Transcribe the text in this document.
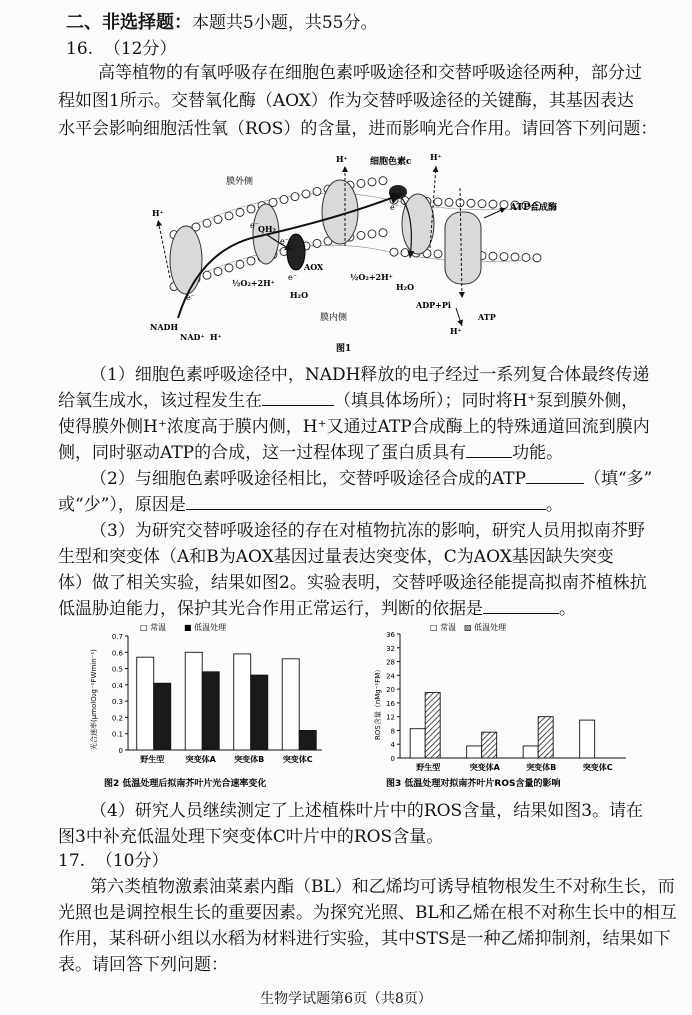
二、非选择题：本题共5小题，共55分。
16. （12分）
高等植物的有氧呼吸存在细胞色素呼吸途径和交替呼吸途径两种，部分过
程如图1所示。交替氧化酶（AOX）作为交替呼吸途径的关键酶，其基因表达
水平会影响细胞活性氧（ROS）的含量，进而影响光合作用。请回答下列问题：
膜外侧
膜内侧
细胞色素c
ATP合成酶
AOX
QH₂
NADH
NAD⁺ H⁺
H⁺
H⁺	H⁺
e⁻
e⁻
e⁻
e⁻
e⁻
½O₂+2H⁺
H₂O
½O₂+2H⁺
H₂O
ADP+Pi
ATP
H⁺
图1
（1）细胞色素呼吸途径中，NADH释放的电子经过一系列复合体最终传递
给氧生成水，该过程发生在	（填具体场所）；同时将H⁺泵到膜外侧，
使得膜外侧H⁺浓度高于膜内侧，H⁺又通过ATP合成酶上的特殊通道回流到膜内
侧，同时驱动ATP的合成，这一过程体现了蛋白质具有	功能。
（2）与细胞色素呼吸途径相比，交替呼吸途径合成的ATP	（填“多”
或“少”），原因是	。
（3）为研究交替呼吸途径的存在对植物抗冻的影响，研究人员用拟南芥野
生型和突变体（A和B为AOX基因过量表达突变体，C为AOX基因缺失突变
体）做了相关实验，结果如图2。实验表明，交替呼吸途径能提高拟南芥植株抗
低温胁迫能力，保护其光合作用正常运行，判断的依据是	。
□ 常温 ■ 低温处理
光合速率(μmolO₂g⁻¹FWmin⁻¹)
0
0.1
0.2
0.3
0.4
0.5
0.6
0.7
野生型	突变体A 突变体B 突变体C
图2 低温处理后拟南芥叶片光合速率变化
□ 常温 ▨ 低温处理
ROS含量（nMg⁻¹FM）
0
4
8
12
16
20
24
28
32
36
野生型	突变体A	突变体B	突变体C
图3 低温处理对拟南芥叶片ROS含量的影响
（4）研究人员继续测定了上述植株叶片中的ROS含量，结果如图3。请在
图3中补充低温处理下突变体C叶片中的ROS含量。
17. （10分）
第六类植物激素油菜素内酯（BL）和乙烯均可诱导植物根发生不对称生长，而
光照也是调控根生长的重要因素。为探究光照、BL和乙烯在根不对称生长中的相互
作用，某科研小组以水稻为材料进行实验，其中STS是一种乙烯抑制剂，结果如下
表。请回答下列问题：
生物学试题第6页（共8页）
